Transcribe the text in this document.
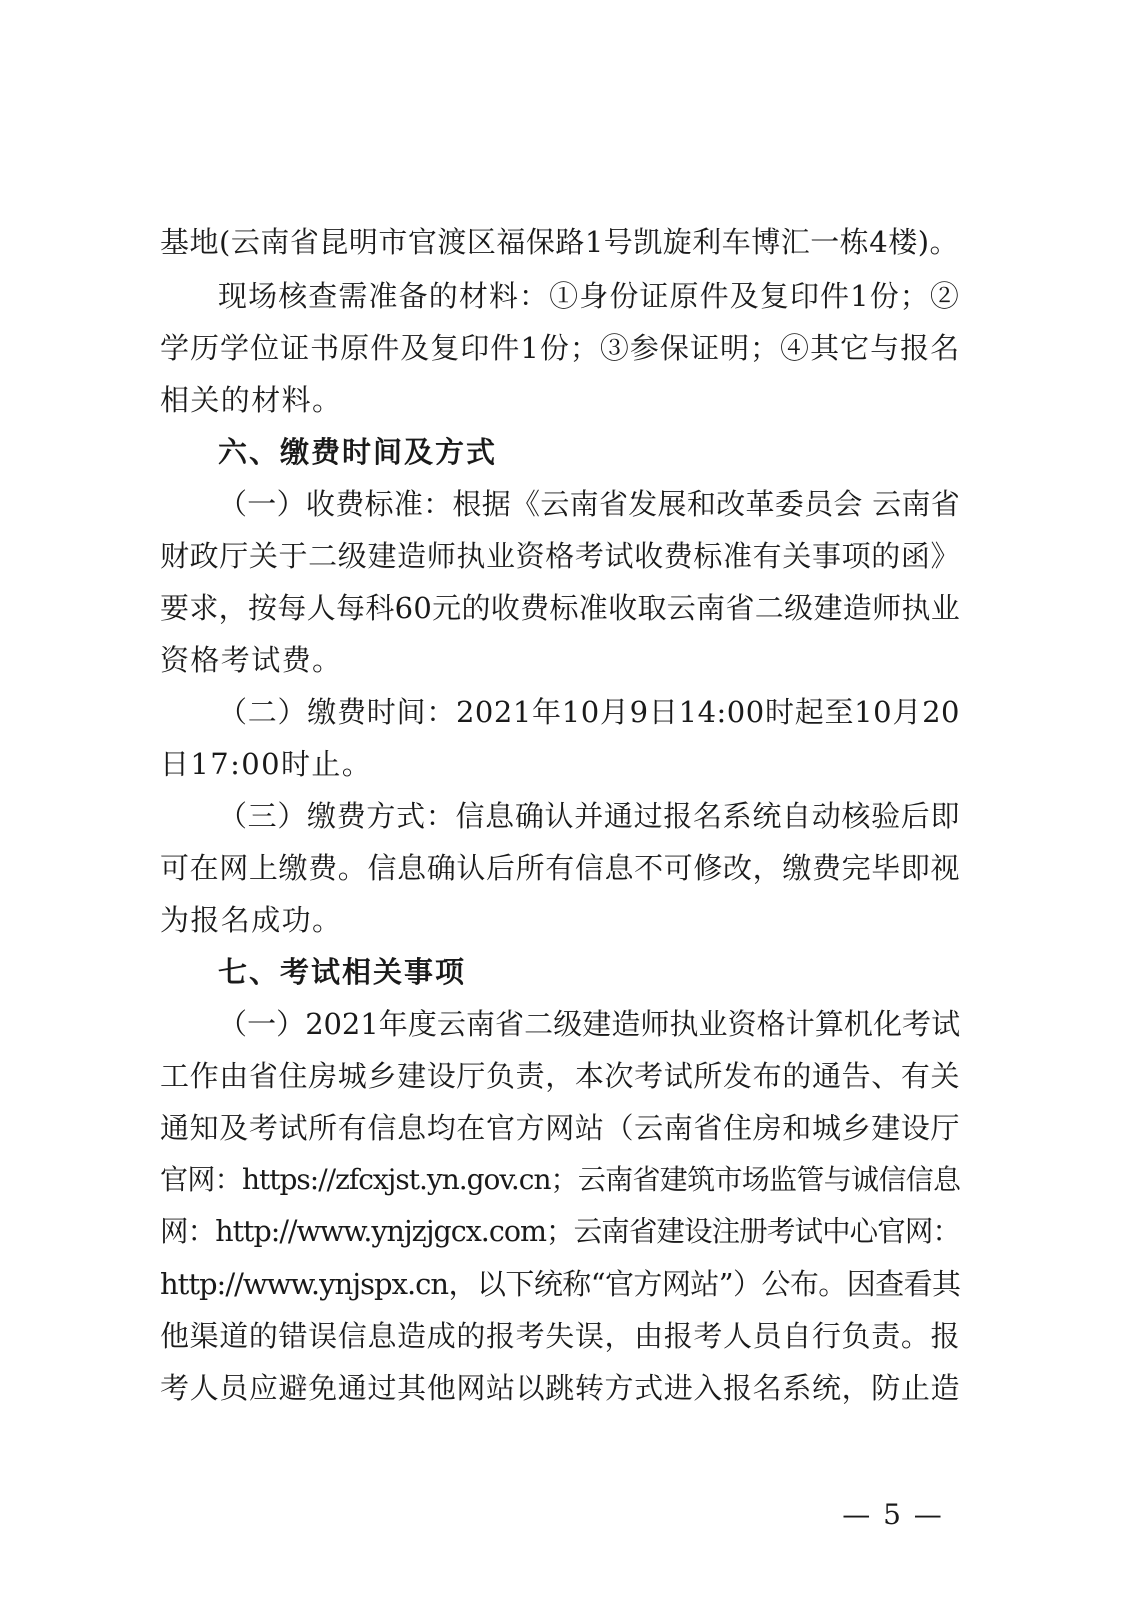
基地(云南省昆明市官渡区福保路1号凯旋利车博汇一栋4楼)。
现场核查需准备的材料：①身份证原件及复印件1份；②
学历学位证书原件及复印件1份；③参保证明；④其它与报名
相关的材料。
六、缴费时间及方式
（一）收费标准：根据《云南省发展和改革委员会 云南省
财政厅关于二级建造师执业资格考试收费标准有关事项的函》
要求，按每人每科60元的收费标准收取云南省二级建造师执业
资格考试费。
（二）缴费时间：2021年10月9日14:00时起至10月20
日17:00时止。
（三）缴费方式：信息确认并通过报名系统自动核验后即
可在网上缴费。信息确认后所有信息不可修改，缴费完毕即视
为报名成功。
七、考试相关事项
（一）2021年度云南省二级建造师执业资格计算机化考试
工作由省住房城乡建设厅负责，本次考试所发布的通告、有关
通知及考试所有信息均在官方网站（云南省住房和城乡建设厅
官网：https://zfcxjst.yn.gov.cn；云南省建筑市场监管与诚信信息
网：http://www.ynjzjgcx.com；云南省建设注册考试中心官网：
http://www.ynjspx.cn，以下统称“官方网站”）公布。因查看其
他渠道的错误信息造成的报考失误，由报考人员自行负责。报
考人员应避免通过其他网站以跳转方式进入报名系统，防止造
— 5 —
